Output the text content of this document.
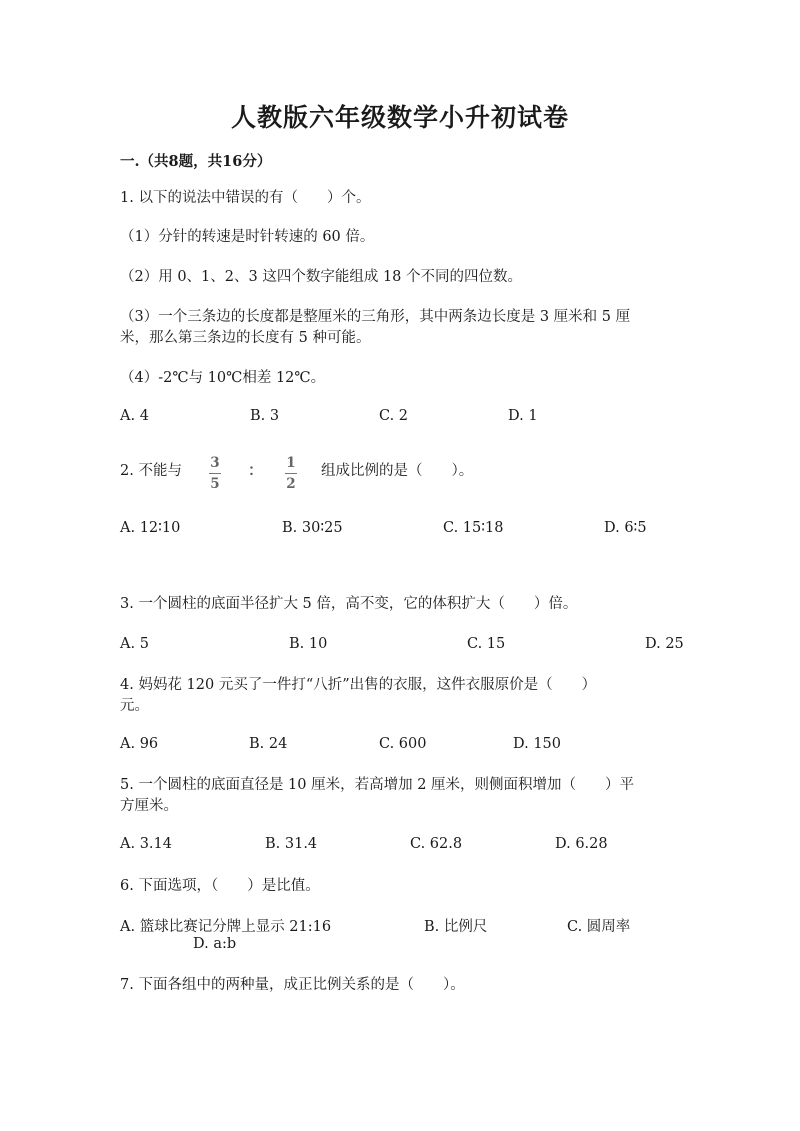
人教版六年级数学小升初试卷
一.（共8题，共16分）
1. 以下的说法中错误的有（　　）个。
（1）分针的转速是时针转速的 60 倍。
（2）用 0、1、2、3 这四个数字能组成 18 个不同的四位数。
（3）一个三条边的长度都是整厘米的三角形，其中两条边长度是 3 厘米和 5 厘
米，那么第三条边的长度有 5 种可能。
（4）-2℃与 10℃相差 12℃。
A. 4	B. 3	C. 2	D. 1
2. 不能与 3
5
： 1
2
组成比例的是（　　）。
A. 12∶10	B. 30∶25	C. 15∶18	D. 6∶5
3. 一个圆柱的底面半径扩大 5 倍，高不变，它的体积扩大（　　）倍。
A. 5	B. 10	C. 15	D. 25
4. 妈妈花 120 元买了一件打“八折”出售的衣服，这件衣服原价是（　　）
元。
A. 96	B. 24	C. 600	D. 150
5. 一个圆柱的底面直径是 10 厘米，若高增加 2 厘米，则侧面积增加（　　）平
方厘米。
A. 3.14	B. 31.4	C. 62.8	D. 6.28
6. 下面选项，（　　）是比值。
A. 篮球比赛记分牌上显示 21:16	B. 比例尺	C. 圆周率
D. a:b
7. 下面各组中的两种量，成正比例关系的是（　　）。
